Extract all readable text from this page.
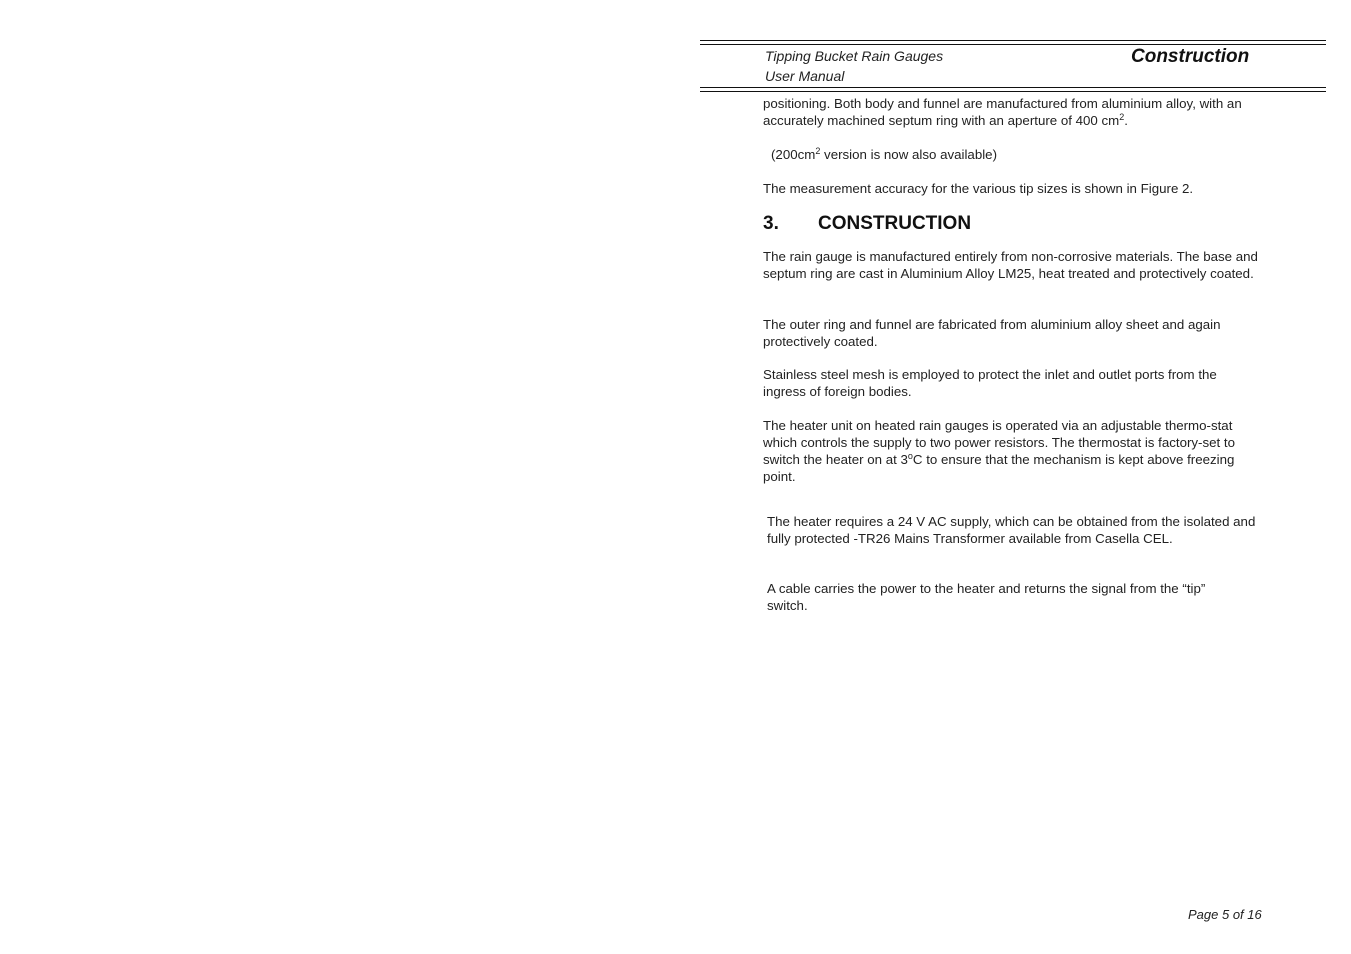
Tipping Bucket Rain Gauges
User Manual
Construction

positioning. Both body and funnel are manufactured from aluminium alloy, with an accurately machined septum ring with an aperture of 400 $cm^2$.

($200cm^2$ version is now also available)

The measurement accuracy for the various tip sizes is shown in Figure 2.

3. CONSTRUCTION

The rain gauge is manufactured entirely from non-corrosive materials. The base and septum ring are cast in Aluminium Alloy LM25, heat treated and protectively coated.

The outer ring and funnel are fabricated from aluminium alloy sheet and again protectively coated.

Stainless steel mesh is employed to protect the inlet and outlet ports from the ingress of foreign bodies.

The heater unit on heated rain gauges is operated via an adjustable thermo-stat which controls the supply to two power resistors. The thermostat is factory-set to switch the heater on at 3$^o$C to ensure that the mechanism is kept above freezing point.

The heater requires a 24 V AC supply, which can be obtained from the isolated and fully protected -TR26 Mains Transformer available from Casella CEL.

A cable carries the power to the heater and returns the signal from the “tip” switch.

Page 5 of 16
